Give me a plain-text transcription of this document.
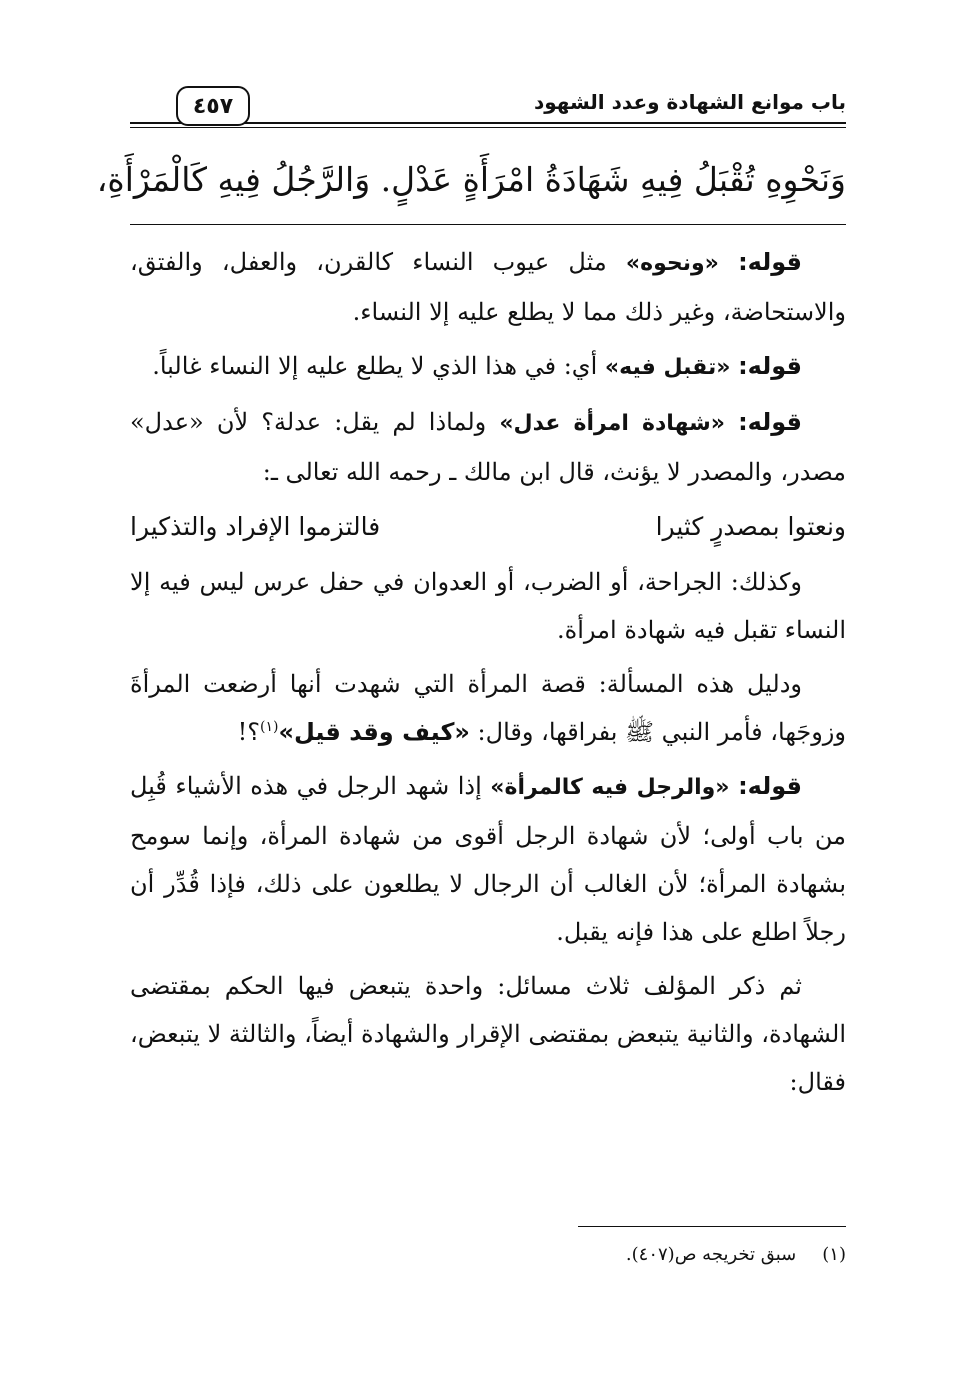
باب موانع الشهادة وعدد الشهود
٤٥٧
وَنَحْوِهِ تُقْبَلُ فِيهِ شَهَادَةُ امْرَأَةٍ عَدْلٍ. وَالرَّجُلُ فِيهِ كَالْمَرْأَةِ،

قوله: «ونحوه» مثل عيوب النساء كالقرن، والعفل، والفتق، والاستحاضة، وغير ذلك مما لا يطلع عليه إلا النساء.

قوله: «تقبل فيه» أي: في هذا الذي لا يطلع عليه إلا النساء غالباً.

قوله: «شهادة امرأة عدل» ولماذا لم يقل: عدلة؟ لأن «عدل» مصدر، والمصدر لا يؤنث، قال ابن مالك ـ رحمه الله تعالى ـ:

ونعتوا بمصدرٍ كثيرا
فالتزموا الإفراد والتذكيرا

وكذلك: الجراحة، أو الضرب، أو العدوان في حفل عرس ليس فيه إلا النساء تقبل فيه شهادة امرأة.

ودليل هذه المسألة: قصة المرأة التي شهدت أنها أرضعت المرأةَ وزوجَها، فأمر النبي ﷺ بفراقها، وقال: «كيف وقد قيل»$^{(١)}$؟!

قوله: «والرجل فيه كالمرأة» إذا شهد الرجل في هذه الأشياء قُبِل من باب أولى؛ لأن شهادة الرجل أقوى من شهادة المرأة، وإنما سومح بشهادة المرأة؛ لأن الغالب أن الرجال لا يطلعون على ذلك، فإذا قُدِّر أن رجلاً اطلع على هذا فإنه يقبل.

ثم ذكر المؤلف ثلاث مسائل: واحدة يتبعض فيها الحكم بمقتضى الشهادة، والثانية يتبعض بمقتضى الإقرار والشهادة أيضاً، والثالثة لا يتبعض، فقال:

(١)سبق تخريجه ص(٤٠٧).
